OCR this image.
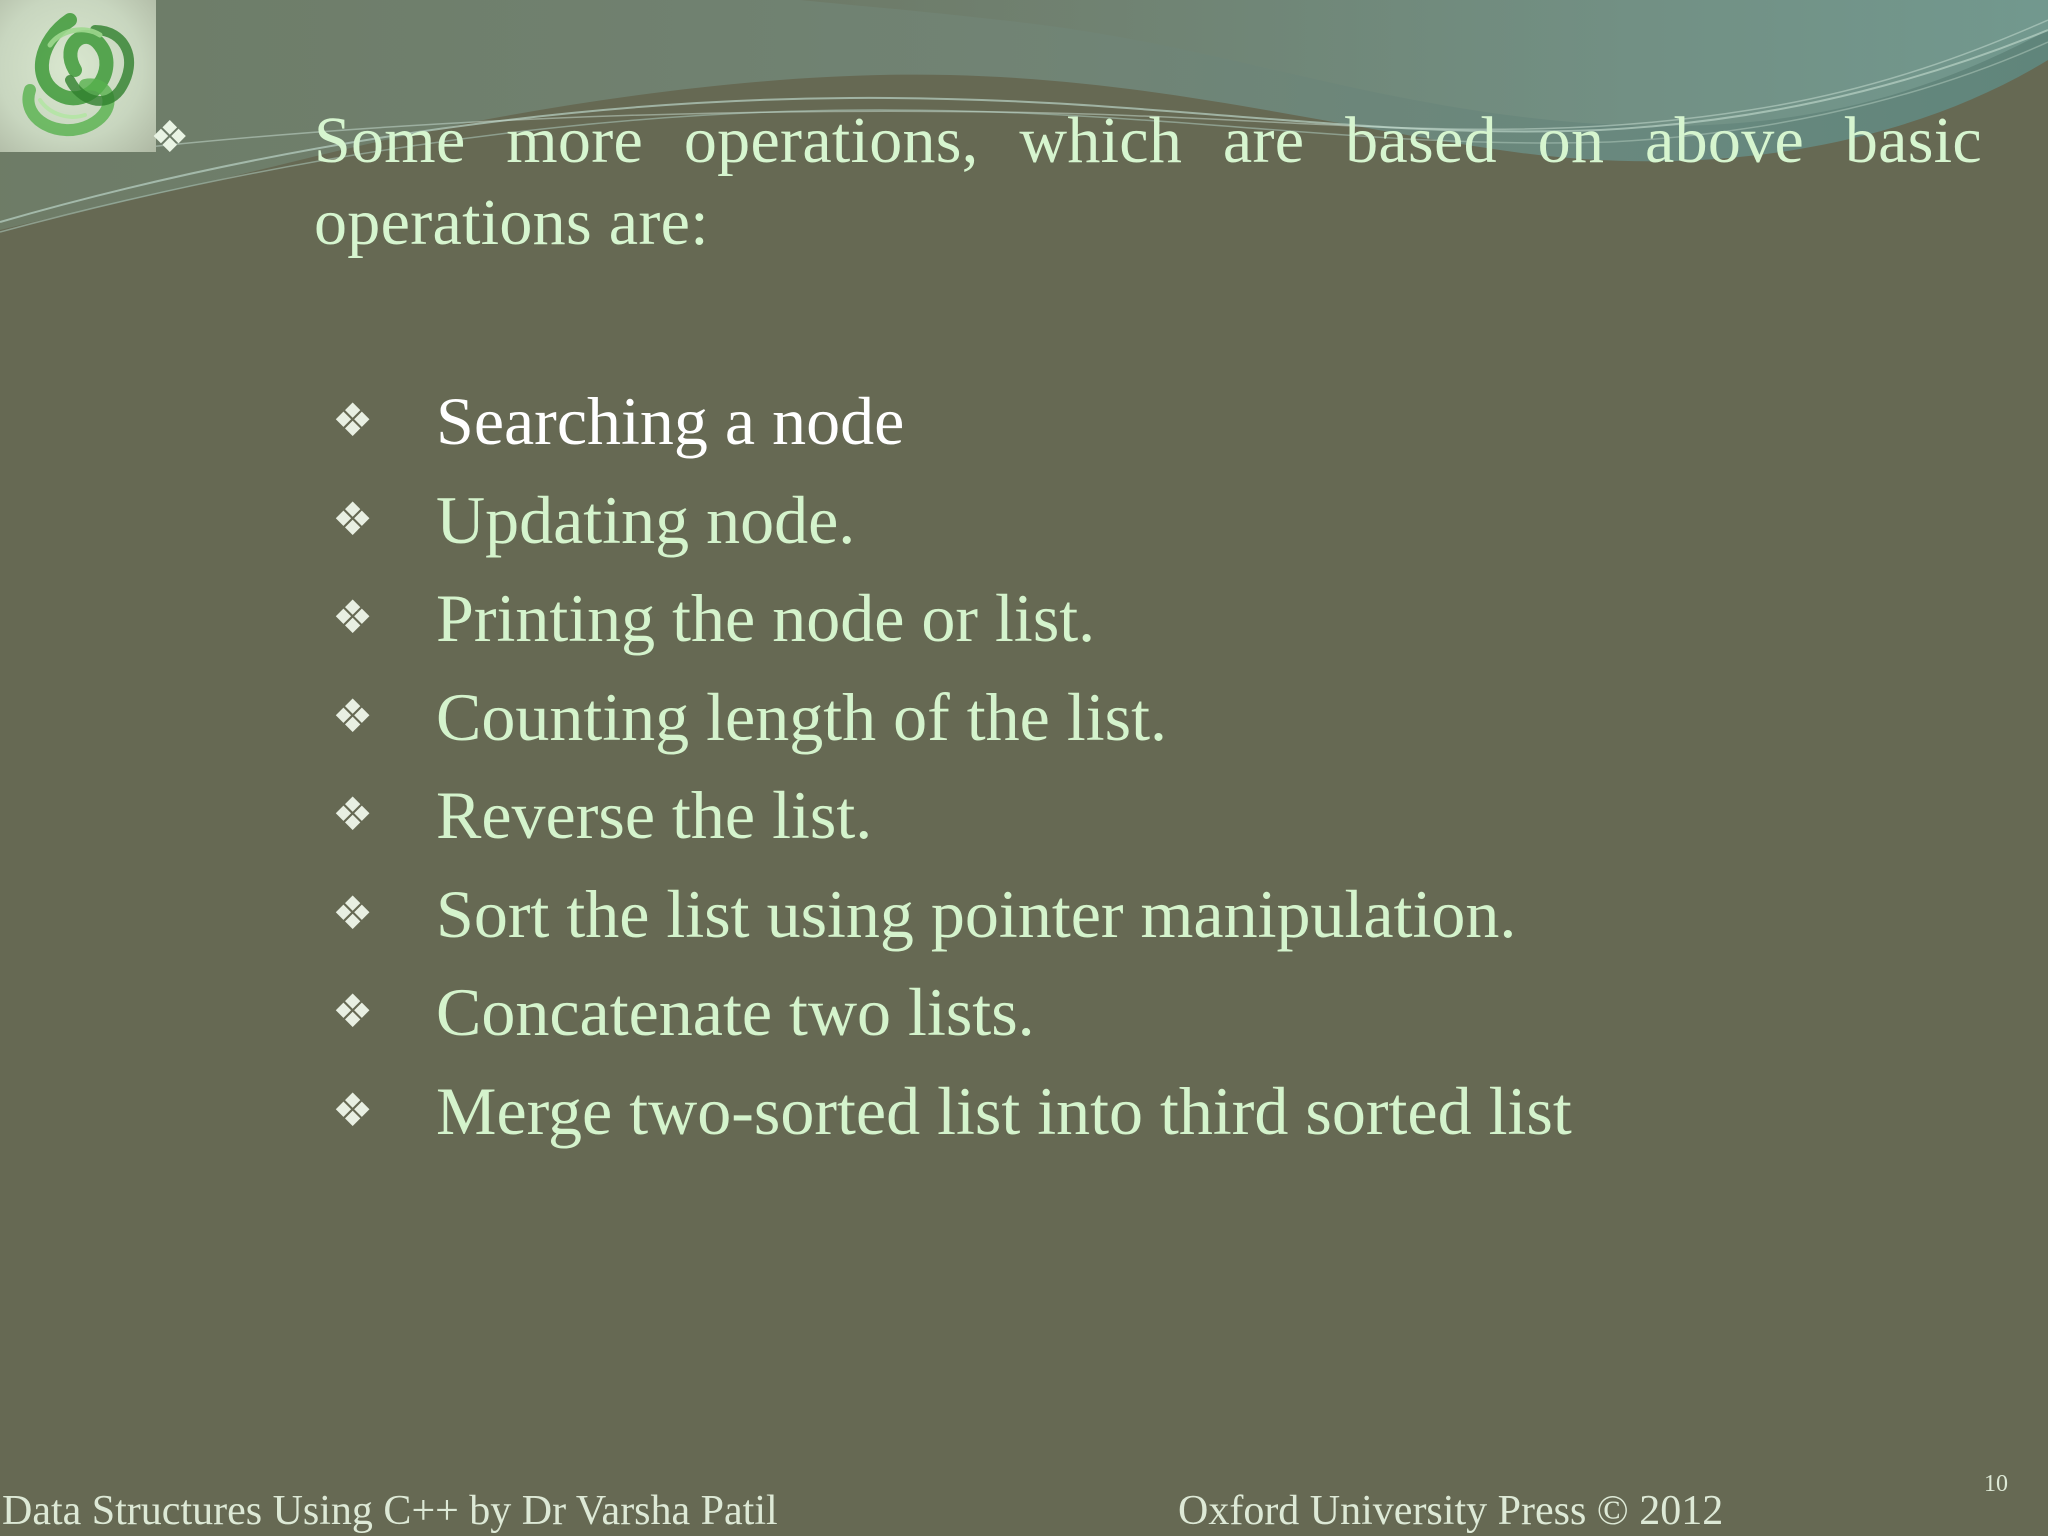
❖ Some more operations, which are based on above basic operations are:
❖ Searching a node
❖ Updating node.
❖ Printing the node or list.
❖ Counting length of the list.
❖ Reverse the list.
❖ Sort the list using pointer manipulation.
❖ Concatenate two lists.
❖ Merge two-sorted list into third sorted list
Data Structures Using C++ by Dr Varsha Patil	Oxford University Press © 2012
10
